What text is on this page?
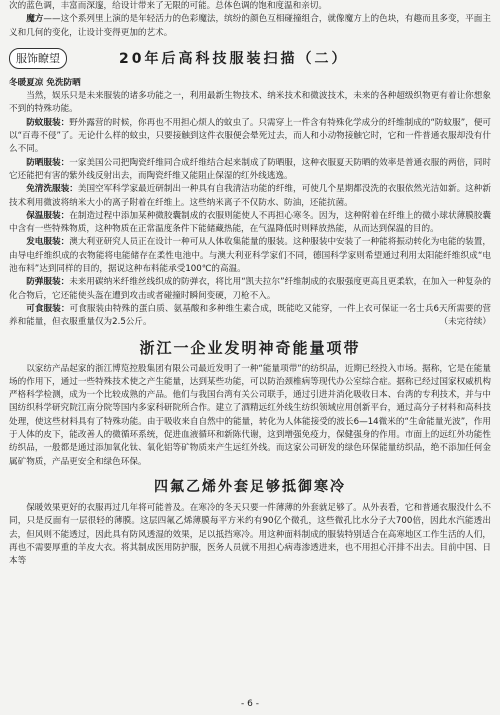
次的蓝色调，丰富而深邃，给设计带来了无限的可能。总体色调的饱和度温和亲切。

魔方——这个系列里上演的是年轻活力的色彩魔法，缤纷的颜色互相碰撞组合，就像魔方上的色块，有趣而且多变，平面主义和几何的变化，让设计变得更加的艺术。

服饰瞭望	20年后高科技服装扫描（二）

冬暖夏凉 免洗防晒

当然，娱乐只是未来服装的诸多功能之一，利用最新生物技术、纳米技术和微波技术，未来的各种超级织物更有着让你想象不到的特殊功能。

防蚊服装：野外露营的时候，你再也不用担心烦人的蚊虫了。只需穿上一件含有特殊化学成分的纤维制成的“防蚊服”，便可以“百毒不侵”了。无论什么样的蚊虫，只要接触到这件衣服便会晕死过去，而人和小动物接触它时，它和一件普通衣服却没有什么不同。

防晒服装：一家美国公司把陶瓷纤维同合成纤维结合起来制成了防晒服，这种衣服夏天防晒的效率是普通衣服的两倍，同时它还能把有害的紫外线反射出去，而陶瓷纤维又能阻止保湿的红外线逃逸。

免清洗服装：美国空军科学家最近研制出一种具有自我清洁功能的纤维，可使几个星期都没洗的衣服依然光洁如新。这种新技术利用微波将纳米大小的离子附着在纤维上。这些纳米离子不仅防水、防油，还能抗菌。

保温服装：在制造过程中添加某种微胶囊制成的衣服则能使人不再担心寒冬。因为，这种附着在纤维上的微小球状薄膜胶囊中含有一些特殊物质，这种物质在正常温度条件下能储藏热能，在气温降低时则释放热能，从而达到保温的目的。

发电服装：澳大利亚研究人员正在设计一种可从人体收集能量的服装。这种服装中安装了一种能将振动转化为电能的装置，由导电纤维织成的衣物能将电能储存在柔性电池中。与澳大利亚科学家们不同，德国科学家则希望通过利用太阳能纤维织成“电池布料”达到同样的目的，据说这种布料能承受100℃的高温。

防弹服装：未来用碳纳米纤维丝线织成的防弹衣，将比用“凯夫拉尔”纤维制成的衣服强度更高且更柔软，在加入一种复杂的化合物后，它还能使头盔在遭到攻击或者碰撞时瞬间变硬，刀枪不入。

可食服装：可食服装由特殊的蛋白质、氨基酸和多种维生素合成，既能吃又能穿，一件上衣可保证一名士兵6天所需要的营养和能量，但衣服重量仅为2.5公斤。	（未完待续）

浙江一企业发明神奇能量项带

以家纺产品起家的浙江博览控股集团有限公司最近发明了一种“能量项带”的纺织品，近期已经投入市场。据称，它是在能量场的作用下，通过一些特殊技术使之产生能量，达到某些功能，可以防治颈椎病等现代办公室综合症。据称已经过国家权威机构严格科学检测，成为一个比较成熟的产品。他们与我国台湾有关公司联手，通过引进并消化吸收日本、台湾的专利技术，并与中国纺织科学研究院江南分院等国内多家科研院所合作。建立了酒精远红外线生纺织领域应用创新平台，通过高分子材料和高科技处理，使这些材料具有了特殊功能。由于吸收来自自然中的能量，转化为人体能接受的波长6—14微米的“生命能量光波”，作用于人体的皮下，能改善人的微循环系统，促进血液循环和新陈代谢，这到增强免疫力，保健强身的作用。市面上的远红外功能性纺织品，一般都是通过添加氧化钛、氧化铝等矿物质来产生远红外线。而这家公司研发的绿色环保能量纺织品，绝不添加任何金属矿物质，产品更安全和绿色环保。

四氟乙烯外套足够抵御寒冷

保暖效果更好的衣服再过几年将可能普及。在寒冷的冬天只要一件薄薄的外套就足够了。从外表看，它和普通衣服没什么不同，只是反面有一层很轻的薄膜。这层四氟乙烯薄膜每平方米约有90亿个微孔，这些微孔比水分子大700倍，因此水汽能透出去，但风则不能透过，因此具有防风透湿的效果，足以抵挡寒冷。用这种面料制成的服装特别适合在高寒地区工作生活的人们，再也不需要厚重的羊皮大衣。将其制成医用防护服，医务人员就不用担心病毒渗透进来，也不用担心汗排不出去。目前中国、日本等

- 6 -
